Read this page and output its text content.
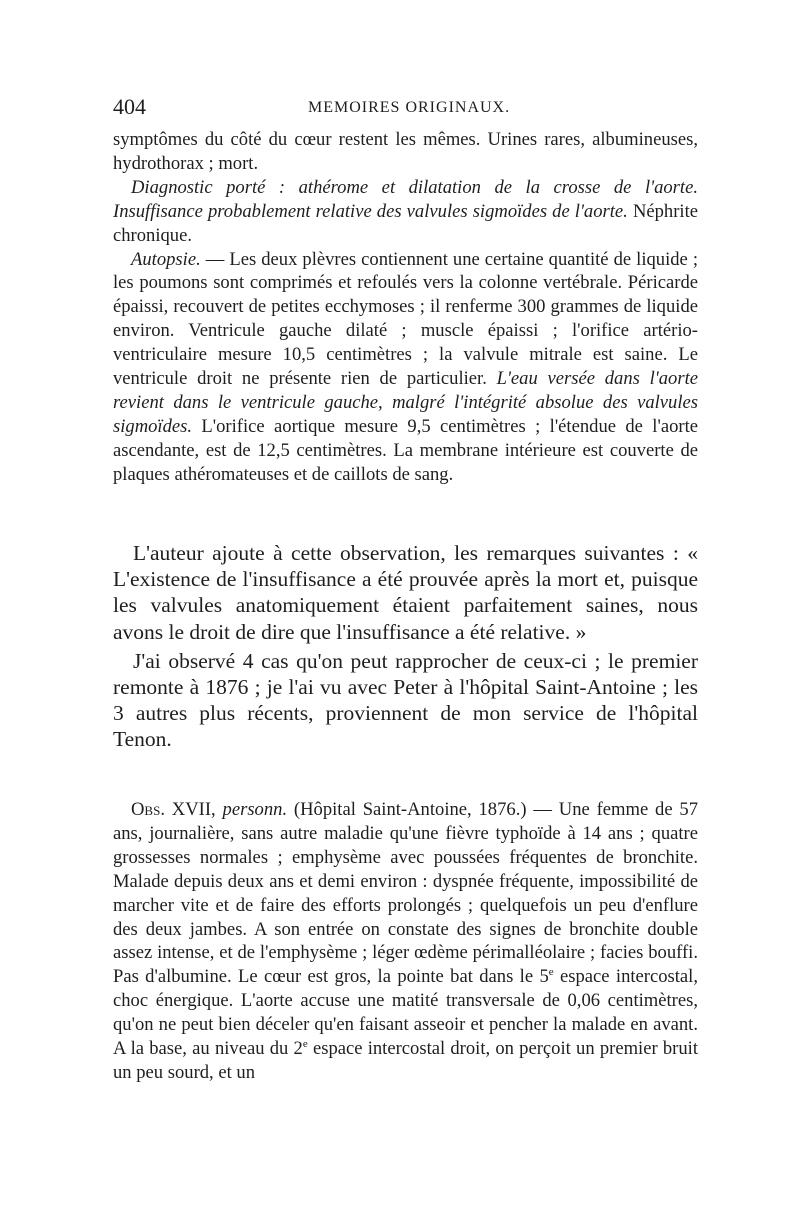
404	MEMOIRES ORIGINAUX.

symptômes du côté du cœur restent les mêmes. Urines rares, albumineuses, hydrothorax ; mort.

Diagnostic porté : athérome et dilatation de la crosse de l'aorte. Insuffisance probablement relative des valvules sigmoïdes de l'aorte. Néphrite chronique.

Autopsie. — Les deux plèvres contiennent une certaine quantité de liquide ; les poumons sont comprimés et refoulés vers la colonne vertébrale. Péricarde épaissi, recouvert de petites ecchymoses ; il renferme 300 grammes de liquide environ. Ventricule gauche dilaté ; muscle épaissi ; l'orifice artério-ventriculaire mesure 10,5 centimètres ; la valvule mitrale est saine. Le ventricule droit ne présente rien de particulier. L'eau versée dans l'aorte revient dans le ventricule gauche, malgré l'intégrité absolue des valvules sigmoïdes. L'orifice aortique mesure 9,5 centimètres ; l'étendue de l'aorte ascendante, est de 12,5 centimètres. La membrane intérieure est couverte de plaques athéromateuses et de caillots de sang.

L'auteur ajoute à cette observation, les remarques suivantes : « L'existence de l'insuffisance a été prouvée après la mort et, puisque les valvules anatomiquement étaient parfaitement saines, nous avons le droit de dire que l'insuffisance a été relative. »

J'ai observé 4 cas qu'on peut rapprocher de ceux-ci ; le premier remonte à 1876 ; je l'ai vu avec Peter à l'hôpital Saint-Antoine ; les 3 autres plus récents, proviennent de mon service de l'hôpital Tenon.

Obs. XVII, personn. (Hôpital Saint-Antoine, 1876.) — Une femme de 57 ans, journalière, sans autre maladie qu'une fièvre typhoïde à 14 ans ; quatre grossesses normales ; emphysème avec poussées fréquentes de bronchite. Malade depuis deux ans et demi environ : dyspnée fréquente, impossibilité de marcher vite et de faire des efforts prolongés ; quelquefois un peu d'enflure des deux jambes. A son entrée on constate des signes de bronchite double assez intense, et de l'emphysème ; léger œdème périmalléolaire ; facies bouffi. Pas d'albumine. Le cœur est gros, la pointe bat dans le 5e espace intercostal, choc énergique. L'aorte accuse une matité transversale de 0,06 centimètres, qu'on ne peut bien déceler qu'en faisant asseoir et pencher la malade en avant. A la base, au niveau du 2e espace intercostal droit, on perçoit un premier bruit un peu sourd, et un
